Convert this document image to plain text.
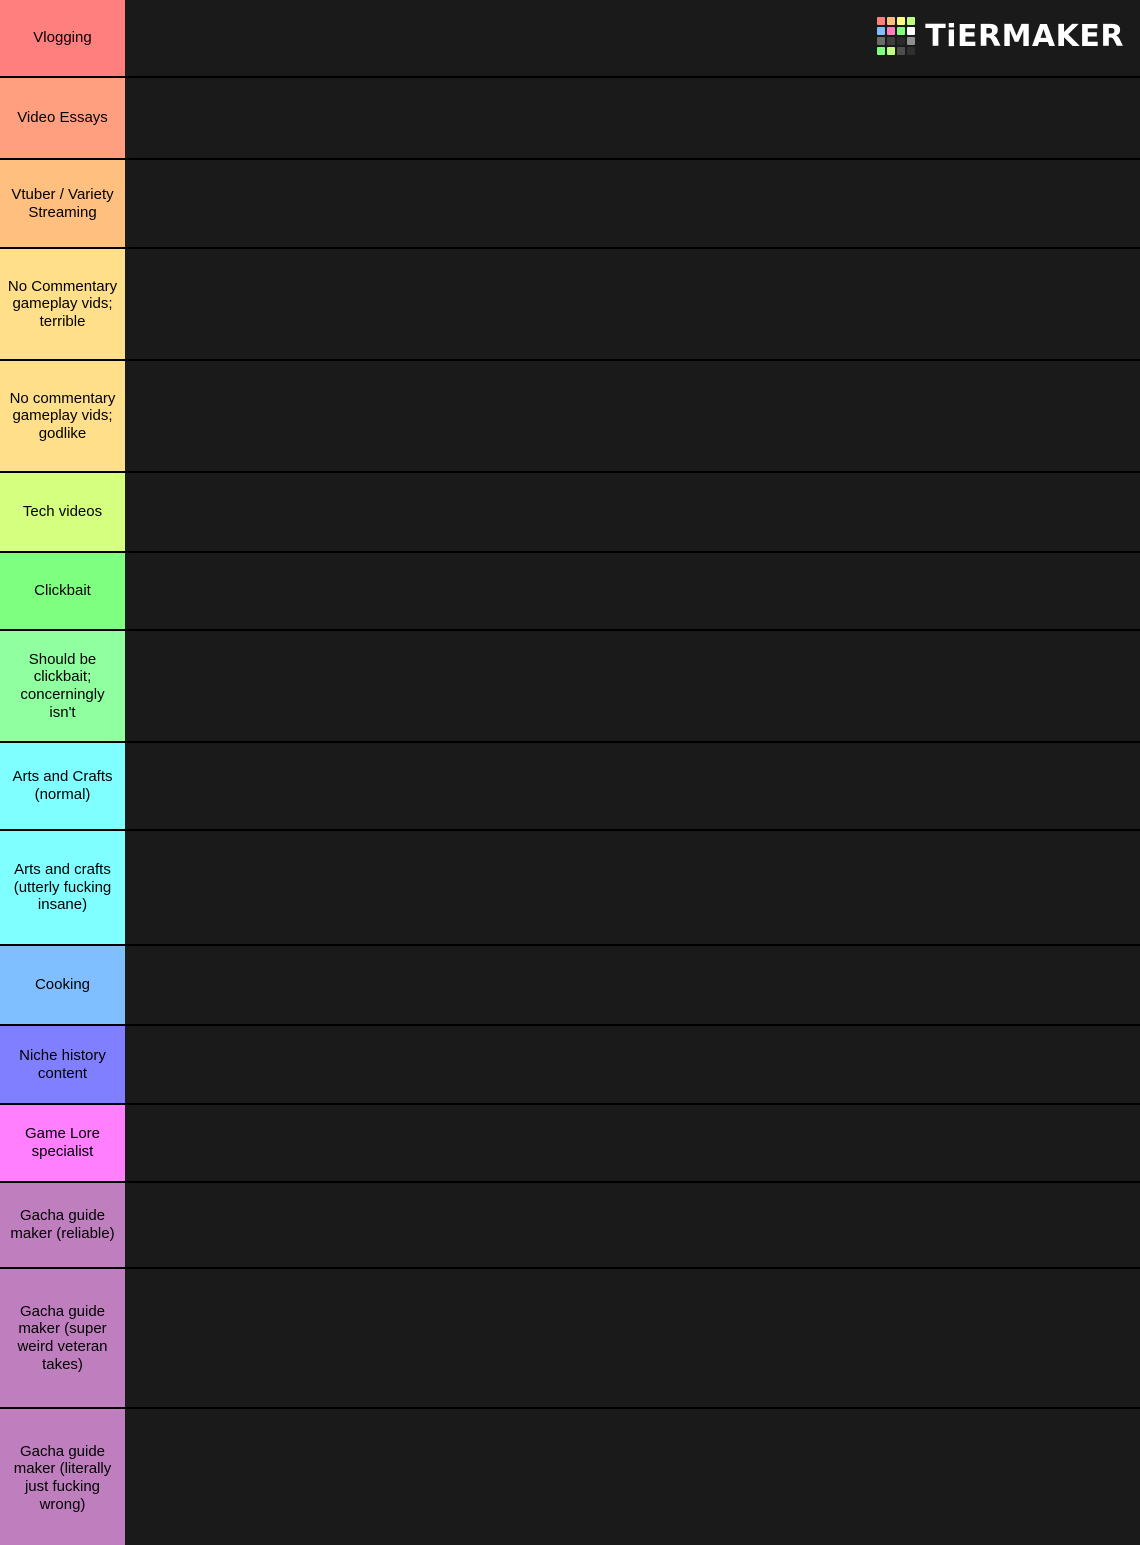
Vlogging
Video Essays
Vtuber / Variety Streaming
No Commentary gameplay vids; terrible
No commentary gameplay vids; godlike
Tech videos
Clickbait
Should be clickbait; concerningly isn't
Arts and Crafts (normal)
Arts and crafts (utterly fucking insane)
Cooking
Niche history content
Game Lore specialist
Gacha guide maker (reliable)
Gacha guide maker (super weird veteran takes)
Gacha guide maker (literally just fucking wrong)
TiERMAKER
